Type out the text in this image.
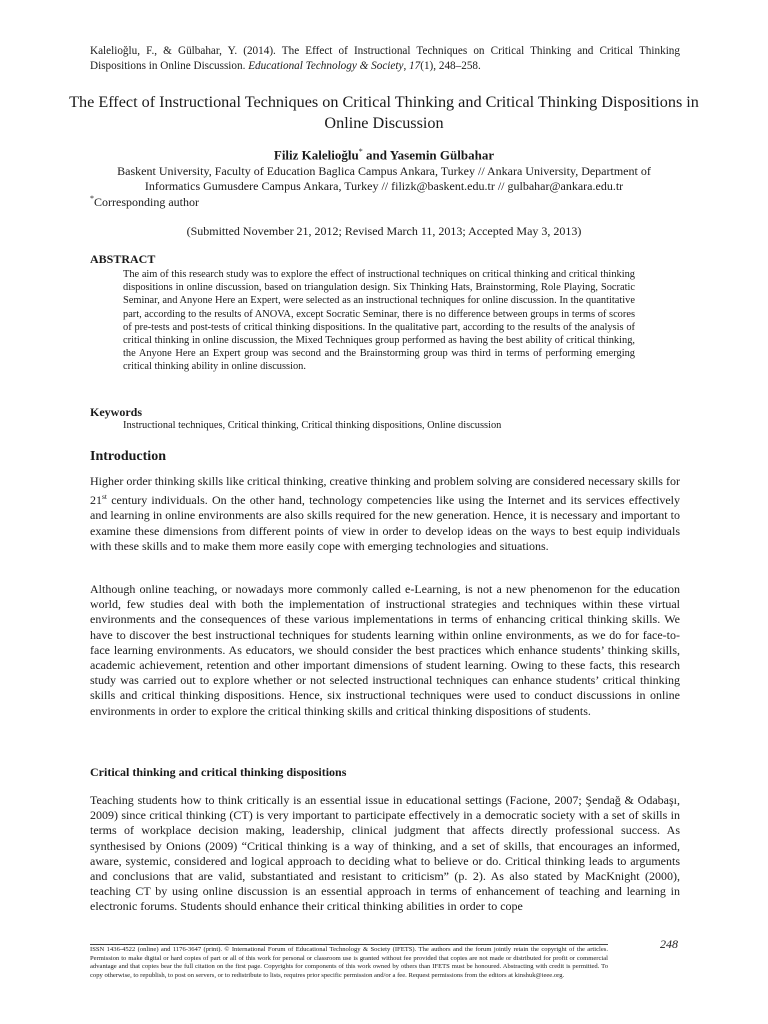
Kalelioğlu, F., & Gülbahar, Y. (2014). The Effect of Instructional Techniques on Critical Thinking and Critical Thinking Dispositions in Online Discussion. Educational Technology & Society, 17(1), 248–258.
The Effect of Instructional Techniques on Critical Thinking and Critical Thinking Dispositions in Online Discussion
Filiz Kalelioğlu* and Yasemin Gülbahar
Baskent University, Faculty of Education Baglica Campus Ankara, Turkey // Ankara University, Department of Informatics Gumusdere Campus Ankara, Turkey // filizk@baskent.edu.tr // gulbahar@ankara.edu.tr
*Corresponding author
(Submitted November 21, 2012; Revised March 11, 2013; Accepted May 3, 2013)
ABSTRACT
The aim of this research study was to explore the effect of instructional techniques on critical thinking and critical thinking dispositions in online discussion, based on triangulation design. Six Thinking Hats, Brainstorming, Role Playing, Socratic Seminar, and Anyone Here an Expert, were selected as an instructional techniques for online discussion. In the quantitative part, according to the results of ANOVA, except Socratic Seminar, there is no difference between groups in terms of scores of pre-tests and post-tests of critical thinking dispositions. In the qualitative part, according to the results of the analysis of critical thinking in online discussion, the Mixed Techniques group performed as having the best ability of critical thinking, the Anyone Here an Expert group was second and the Brainstorming group was third in terms of performing emerging critical thinking ability in online discussion.
Keywords
Instructional techniques, Critical thinking, Critical thinking dispositions, Online discussion
Introduction
Higher order thinking skills like critical thinking, creative thinking and problem solving are considered necessary skills for 21st century individuals. On the other hand, technology competencies like using the Internet and its services effectively and learning in online environments are also skills required for the new generation. Hence, it is necessary and important to examine these dimensions from different points of view in order to develop ideas on the ways to best equip individuals with these skills and to make them more easily cope with emerging technologies and situations.
Although online teaching, or nowadays more commonly called e-Learning, is not a new phenomenon for the education world, few studies deal with both the implementation of instructional strategies and techniques within these virtual environments and the consequences of these various implementations in terms of enhancing critical thinking skills. We have to discover the best instructional techniques for students learning within online environments, as we do for face-to-face learning environments. As educators, we should consider the best practices which enhance students’ thinking skills, academic achievement, retention and other important dimensions of student learning. Owing to these facts, this research study was carried out to explore whether or not selected instructional techniques can enhance students’ critical thinking skills and critical thinking dispositions. Hence, six instructional techniques were used to conduct discussions in online environments in order to explore the critical thinking skills and critical thinking dispositions of students.
Critical thinking and critical thinking dispositions
Teaching students how to think critically is an essential issue in educational settings (Facione, 2007; Şendağ & Odabaşı, 2009) since critical thinking (CT) is very important to participate effectively in a democratic society with a set of skills in terms of workplace decision making, leadership, clinical judgment that affects directly professional success. As synthesised by Onions (2009) “Critical thinking is a way of thinking, and a set of skills, that encourages an informed, aware, systemic, considered and logical approach to deciding what to believe or do. Critical thinking leads to arguments and conclusions that are valid, substantiated and resistant to criticism” (p. 2). As also stated by MacKnight (2000), teaching CT by using online discussion is an essential approach in terms of enhancement of teaching and learning in electronic forums. Students should enhance their critical thinking abilities in order to cope
248
ISSN 1436-4522 (online) and 1176-3647 (print). © International Forum of Educational Technology & Society (IFETS). The authors and the forum jointly retain the copyright of the articles. Permission to make digital or hard copies of part or all of this work for personal or classroom use is granted without fee provided that copies are not made or distributed for profit or commercial advantage and that copies bear the full citation on the first page. Copyrights for components of this work owned by others than IFETS must be honoured. Abstracting with credit is permitted. To copy otherwise, to republish, to post on servers, or to redistribute to lists, requires prior specific permission and/or a fee. Request permissions from the editors at kinshuk@ieee.org.
